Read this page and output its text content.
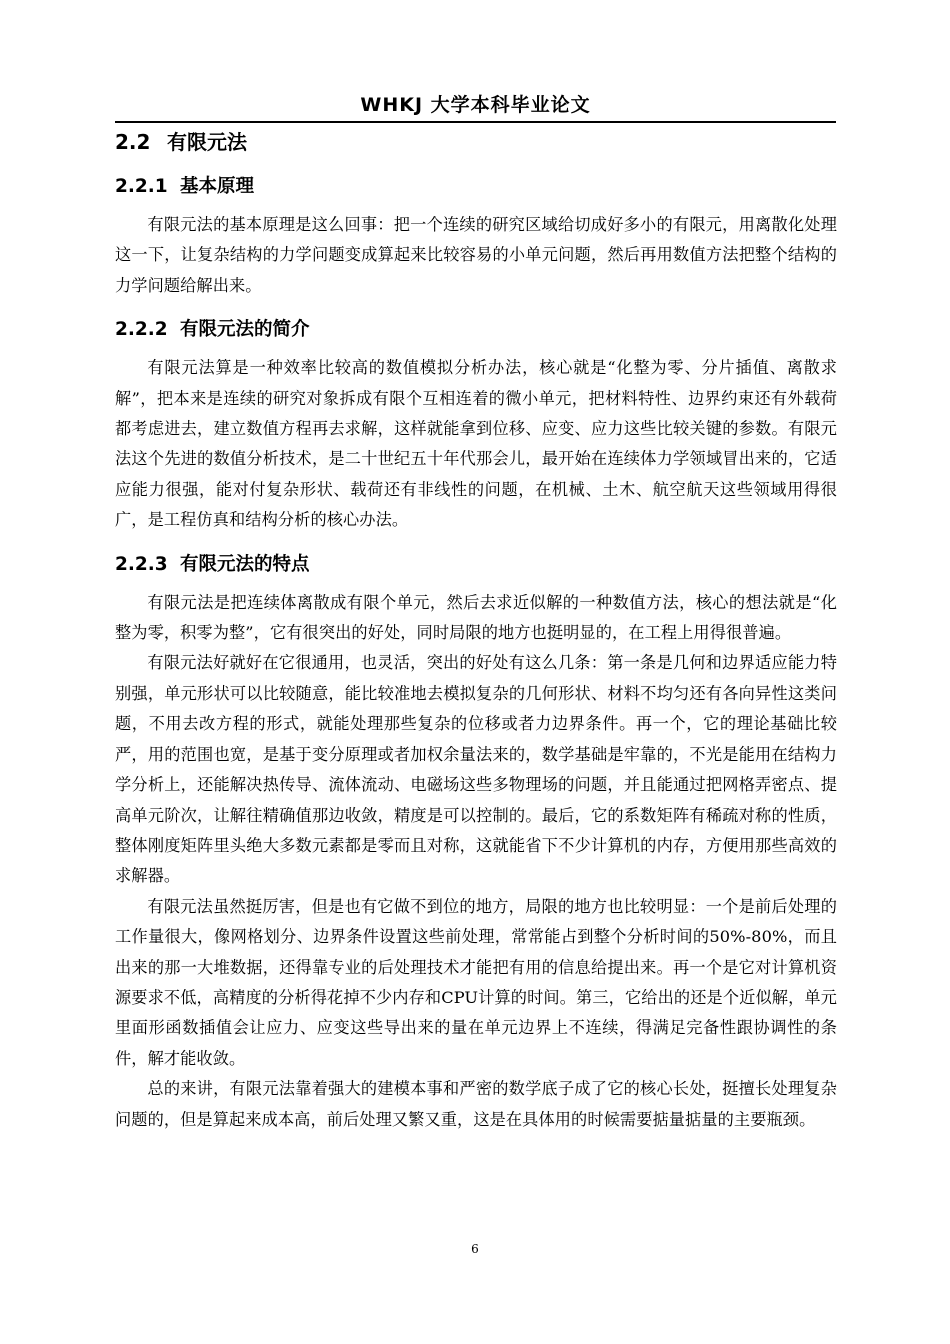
WHKJ 大学本科毕业论文
2.2 有限元法
2.2.1 基本原理

有限元法的基本原理是这么回事：把一个连续的研究区域给切成好多小的有限元，用离散化处理这一下，让复杂结构的力学问题变成算起来比较容易的小单元问题，然后再用数值方法把整个结构的力学问题给解出来。

2.2.2 有限元法的简介

有限元法算是一种效率比较高的数值模拟分析办法，核心就是“化整为零、分片插值、离散求解”，把本来是连续的研究对象拆成有限个互相连着的微小单元，把材料特性、边界约束还有外载荷都考虑进去，建立数值方程再去求解，这样就能拿到位移、应变、应力这些比较关键的参数。有限元法这个先进的数值分析技术，是二十世纪五十年代那会儿，最开始在连续体力学领域冒出来的，它适应能力很强，能对付复杂形状、载荷还有非线性的问题，在机械、土木、航空航天这些领域用得很广，是工程仿真和结构分析的核心办法。

2.2.3 有限元法的特点

有限元法是把连续体离散成有限个单元，然后去求近似解的一种数值方法，核心的想法就是“化整为零，积零为整”，它有很突出的好处，同时局限的地方也挺明显的，在工程上用得很普遍。

有限元法好就好在它很通用，也灵活，突出的好处有这么几条：第一条是几何和边界适应能力特别强，单元形状可以比较随意，能比较准地去模拟复杂的几何形状、材料不均匀还有各向异性这类问题，不用去改方程的形式，就能处理那些复杂的位移或者力边界条件。再一个，它的理论基础比较严，用的范围也宽，是基于变分原理或者加权余量法来的，数学基础是牢靠的，不光是能用在结构力学分析上，还能解决热传导、流体流动、电磁场这些多物理场的问题，并且能通过把网格弄密点、提高单元阶次，让解往精确值那边收敛，精度是可以控制的。最后，它的系数矩阵有稀疏对称的性质，整体刚度矩阵里头绝大多数元素都是零而且对称，这就能省下不少计算机的内存，方便用那些高效的求解器。

有限元法虽然挺厉害，但是也有它做不到位的地方，局限的地方也比较明显：一个是前后处理的工作量很大，像网格划分、边界条件设置这些前处理，常常能占到整个分析时间的50%-80%，而且出来的那一大堆数据，还得靠专业的后处理技术才能把有用的信息给提出来。再一个是它对计算机资源要求不低，高精度的分析得花掉不少内存和CPU计算的时间。第三，它给出的还是个近似解，单元里面形函数插值会让应力、应变这些导出来的量在单元边界上不连续，得满足完备性跟协调性的条件，解才能收敛。

总的来讲，有限元法靠着强大的建模本事和严密的数学底子成了它的核心长处，挺擅长处理复杂问题的，但是算起来成本高，前后处理又繁又重，这是在具体用的时候需要掂量掂量的主要瓶颈。

6
